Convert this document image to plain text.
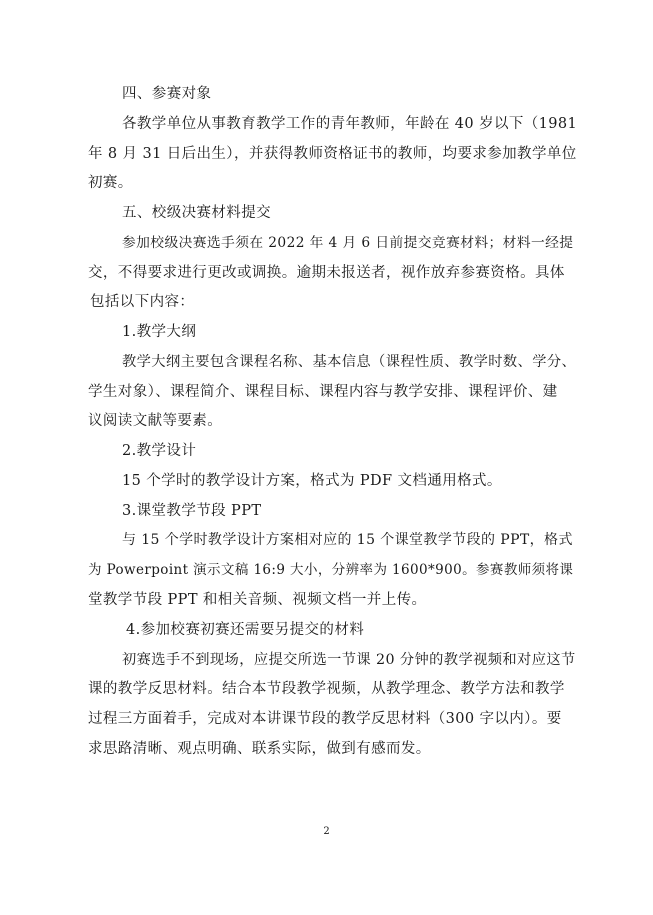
四、参赛对象
各教学单位从事教育教学工作的青年教师，年龄在 40 岁以下（1981
年 8 月 31 日后出生），并获得教师资格证书的教师，均要求参加教学单位
初赛。
五、校级决赛材料提交
参加校级决赛选手须在 2022 年 4 月 6 日前提交竞赛材料；材料一经提
交，不得要求进行更改或调换。逾期未报送者，视作放弃参赛资格。具体
包括以下内容：
1.教学大纲
教学大纲主要包含课程名称、基本信息（课程性质、教学时数、学分、
学生对象）、课程简介、课程目标、课程内容与教学安排、课程评价、建
议阅读文献等要素。
2.教学设计
15 个学时的教学设计方案，格式为 PDF 文档通用格式。
3.课堂教学节段 PPT
与 15 个学时教学设计方案相对应的 15 个课堂教学节段的 PPT，格式
为 Powerpoint 演示文稿 16:9 大小，分辨率为 1600*900。参赛教师须将课
堂教学节段 PPT 和相关音频、视频文档一并上传。
4.参加校赛初赛还需要另提交的材料
初赛选手不到现场，应提交所选一节课 20 分钟的教学视频和对应这节
课的教学反思材料。结合本节段教学视频，从教学理念、教学方法和教学
过程三方面着手，完成对本讲课节段的教学反思材料（300 字以内）。要
求思路清晰、观点明确、联系实际，做到有感而发。
2
